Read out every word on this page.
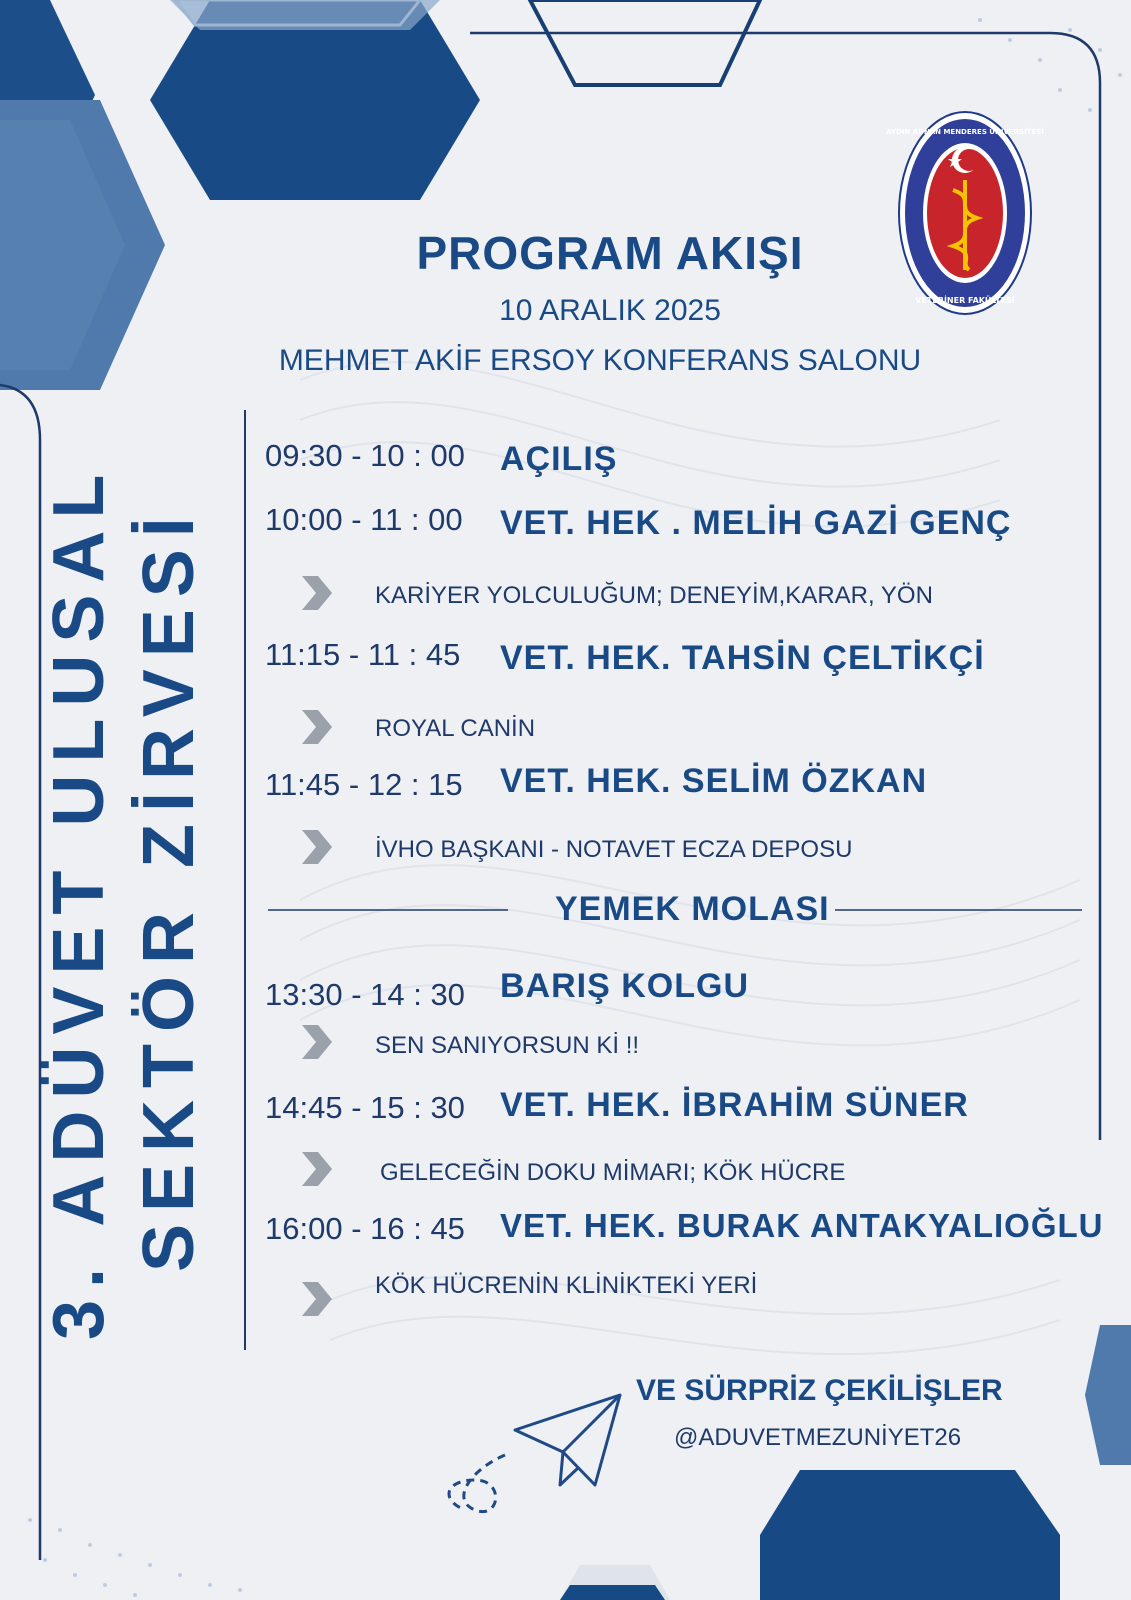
AYDIN ADNAN MENDERES ÜNİVERSİTESİ
VETERİNER FAKÜLTESİ
PROGRAM AKIŞI
10 ARALIK 2025
MEHMET AKİF ERSOY KONFERANS SALONU
3. ADÜVET ULUSAL SEKTÖR ZİRVESİ
09:30 - 10 : 00 AÇILIŞ
10:00 - 11 : 00 VET. HEK . MELİH GAZİ GENÇ
KARİYER YOLCULUĞUM; DENEYİM,KARAR, YÖN
11:15 - 11 : 45 VET. HEK. TAHSİN ÇELTİKÇİ
ROYAL CANİN
11:45 - 12 : 15 VET. HEK. SELİM ÖZKAN
İVHO BAŞKANI - NOTAVET ECZA DEPOSU
YEMEK MOLASI
13:30 - 14 : 30 BARIŞ KOLGU
SEN SANIYORSUN Kİ !!
14:45 - 15 : 30 VET. HEK. İBRAHİM SÜNER
GELECEĞİN DOKU MİMARI; KÖK HÜCRE
16:00 - 16 : 45 VET. HEK. BURAK ANTAKYALIOĞLU
KÖK HÜCRENİN KLİNİKTEKİ YERİ
VE SÜRPRİZ ÇEKİLİŞLER
@ADUVETMEZUNİYET26
